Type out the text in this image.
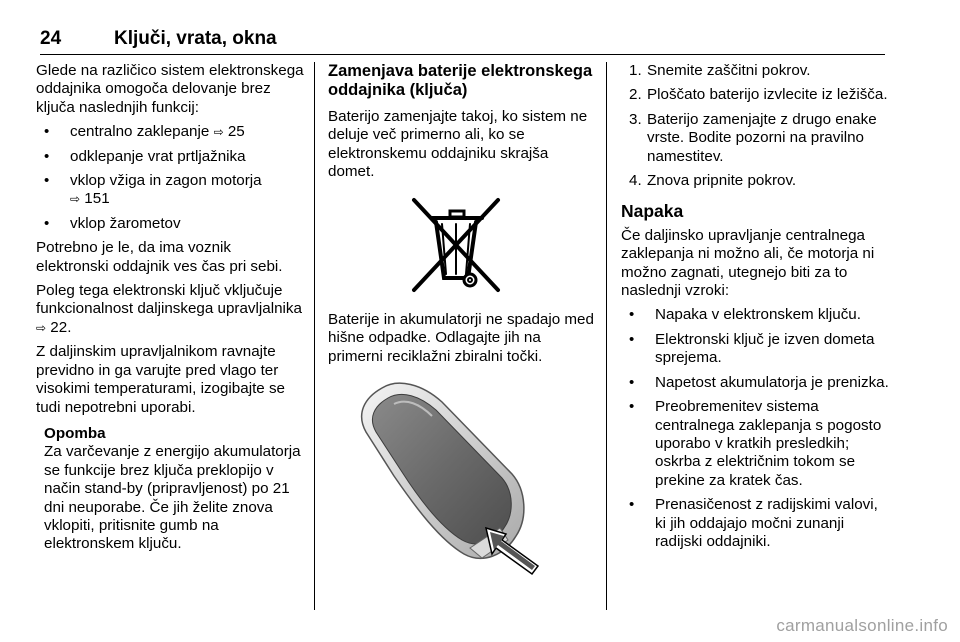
24	Ključi, vrata, okna

Glede na različico sistem elektronskega oddajnika omogoča delovanje brez ključa naslednjih funkcij:

• centralno zaklepanje ⇨ 25
• odklepanje vrat prtljažnika
• vklop vžiga in zagon motorja
⇨ 151
• vklop žarometov

Potrebno je le, da ima voznik elektronski oddajnik ves čas pri sebi.

Poleg tega elektronski ključ vključuje funkcionalnost daljinskega upravljalnika ⇨ 22.

Z daljinskim upravljalnikom ravnajte previdno in ga varujte pred vlago ter visokimi temperaturami, izogibajte se tudi nepotrebni uporabi.

Opomba
Za varčevanje z energijo akumulatorja se funkcije brez ključa preklopijo v način stand-by (pripravljenost) po 21 dni neuporabe. Če jih želite znova vklopiti, pritisnite gumb na elektronskem ključu.
Zamenjava baterije elektronskega oddajnika (ključa)

Baterijo zamenjajte takoj, ko sistem ne deluje več primerno ali, ko se elektronskemu oddajniku skrajša domet.

Baterije in akumulatorji ne spadajo med hišne odpadke. Odlagajte jih na primerni reciklažni zbiralni točki.

1. Snemite zaščitni pokrov.
2. Ploščato baterijo izvlecite iz ležišča.
3. Baterijo zamenjajte z drugo enake vrste. Bodite pozorni na pravilno namestitev.
4. Znova pripnite pokrov.
Napaka

Če daljinsko upravljanje centralnega zaklepanja ni možno ali, če motorja ni možno zagnati, utegnejo biti za to naslednji vzroki:

• Napaka v elektronskem ključu.
• Elektronski ključ je izven dometa sprejema.
• Napetost akumulatorja je prenizka.
• Preobremenitev sistema centralnega zaklepanja s pogosto uporabo v kratkih presledkih; oskrba z električnim tokom se prekine za kratek čas.
• Prenasičenost z radijskimi valovi, ki jih oddajajo močni zunanji radijski oddajniki.
carmanualsonline.info
